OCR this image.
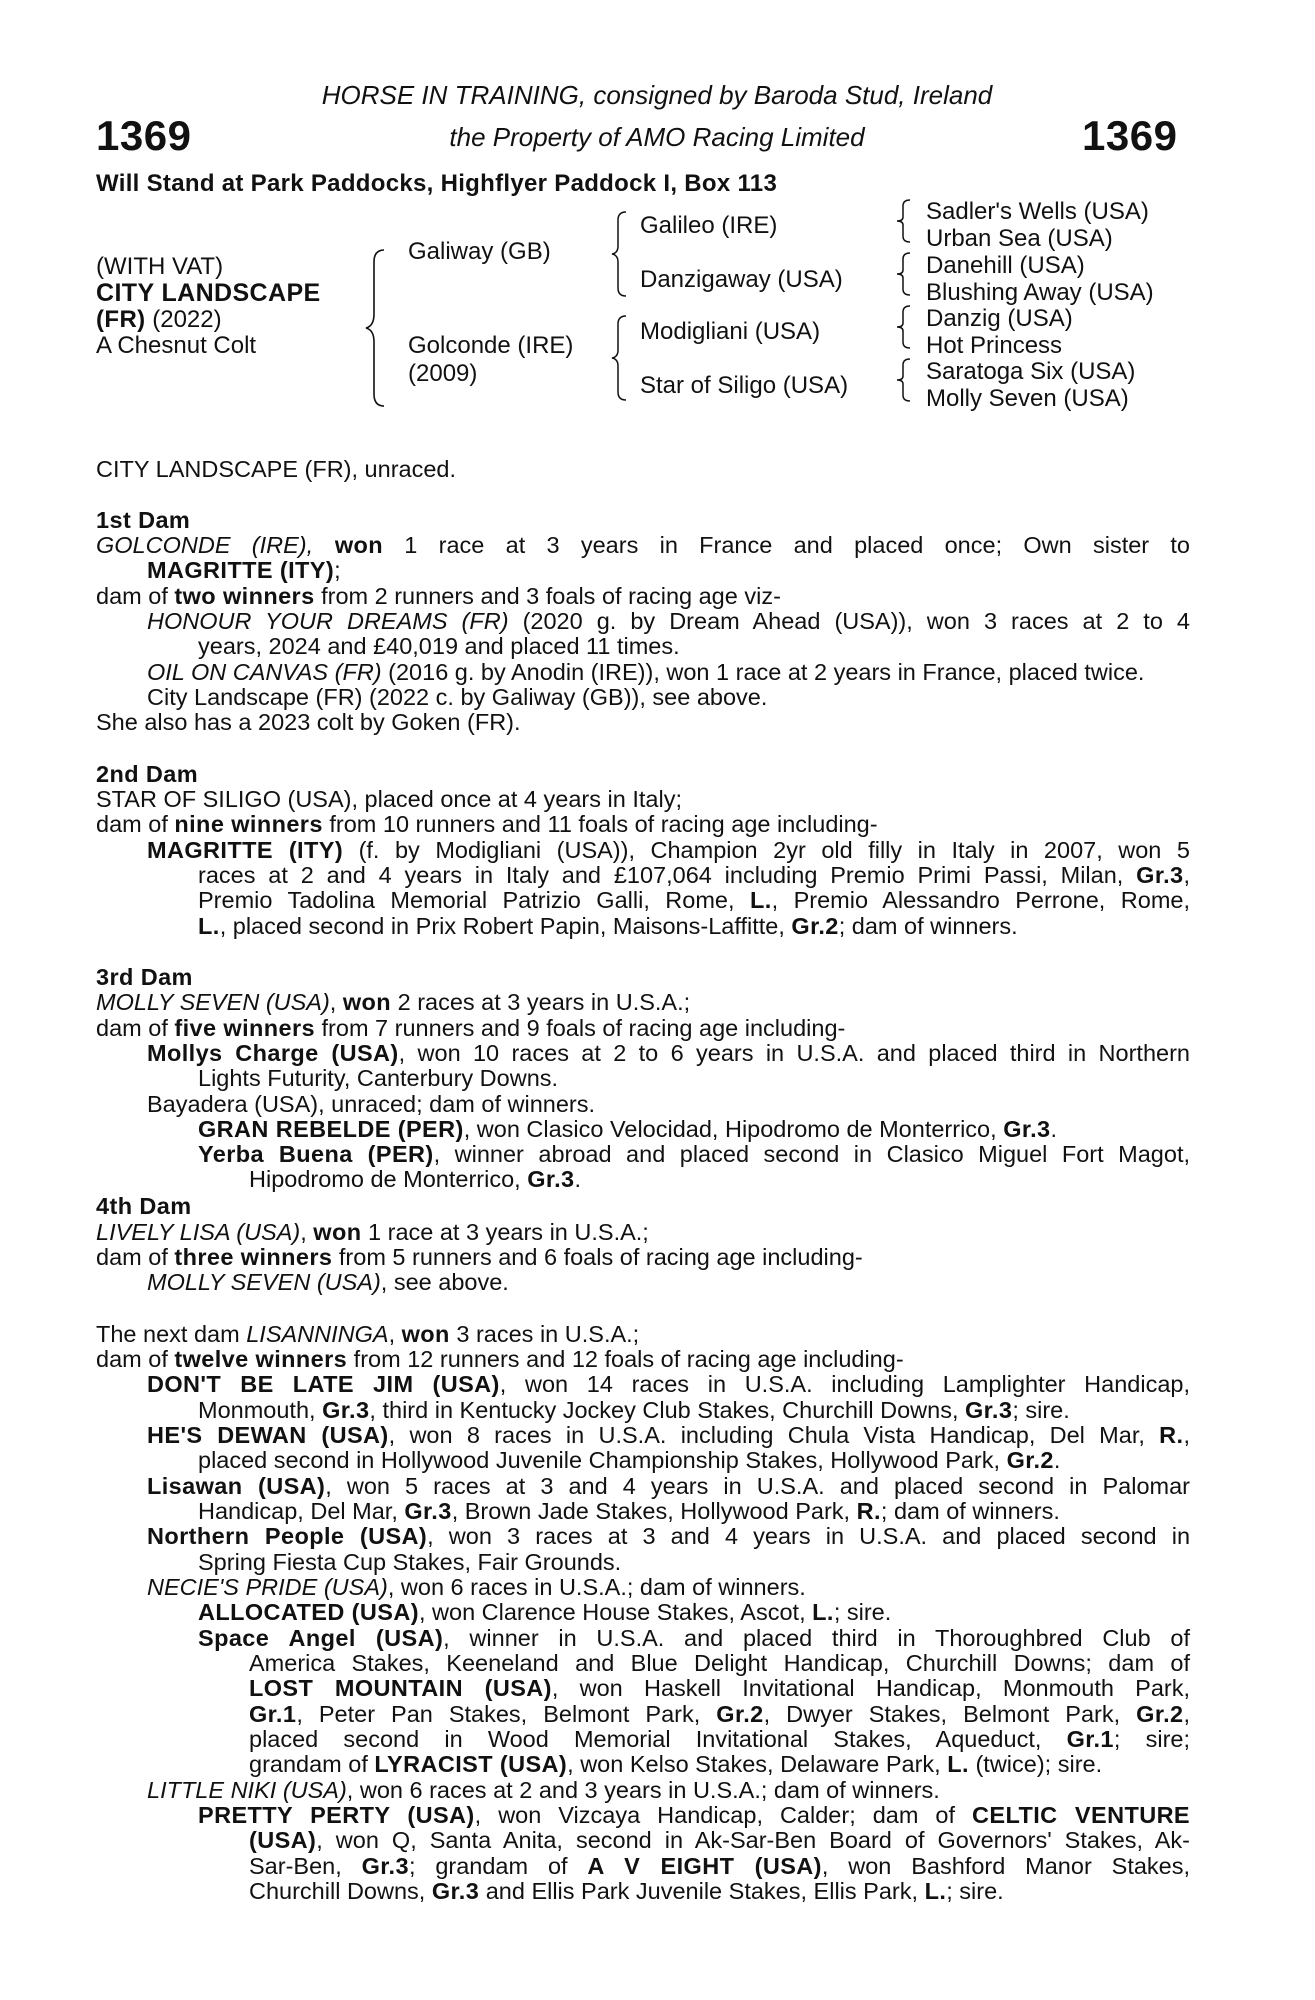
1369	1369
HORSE IN TRAINING, consigned by Baroda Stud, Ireland
the Property of AMO Racing Limited
Will Stand at Park Paddocks, Highflyer Paddock I, Box 113
(WITH VAT)
CITY LANDSCAPE
(FR) (2022)
A Chesnut Colt
Galiway (GB)
Golconde (IRE)
(2009)
Galileo (IRE)
Danzigaway (USA)
Modigliani (USA)
Star of Siligo (USA)
Sadler's Wells (USA)
Urban Sea (USA)
Danehill (USA)
Blushing Away (USA)
Danzig (USA)
Hot Princess
Saratoga Six (USA)
Molly Seven (USA)
CITY LANDSCAPE (FR), unraced.
1st Dam
GOLCONDE (IRE), won 1 race at 3 years in France and placed once; Own sister to
MAGRITTE (ITY);
dam of two winners from 2 runners and 3 foals of racing age viz-
HONOUR YOUR DREAMS (FR) (2020 g. by Dream Ahead (USA)), won 3 races at 2 to 4
years, 2024 and £40,019 and placed 11 times.
OIL ON CANVAS (FR) (2016 g. by Anodin (IRE)), won 1 race at 2 years in France, placed twice.
City Landscape (FR) (2022 c. by Galiway (GB)), see above.
She also has a 2023 colt by Goken (FR).
2nd Dam
STAR OF SILIGO (USA), placed once at 4 years in Italy;
dam of nine winners from 10 runners and 11 foals of racing age including-
MAGRITTE (ITY) (f. by Modigliani (USA)), Champion 2yr old filly in Italy in 2007, won 5
races at 2 and 4 years in Italy and £107,064 including Premio Primi Passi, Milan, Gr.3,
Premio Tadolina Memorial Patrizio Galli, Rome, L., Premio Alessandro Perrone, Rome,
L., placed second in Prix Robert Papin, Maisons-Laffitte, Gr.2; dam of winners.
3rd Dam
MOLLY SEVEN (USA), won 2 races at 3 years in U.S.A.;
dam of five winners from 7 runners and 9 foals of racing age including-
Mollys Charge (USA), won 10 races at 2 to 6 years in U.S.A. and placed third in Northern
Lights Futurity, Canterbury Downs.
Bayadera (USA), unraced; dam of winners.
GRAN REBELDE (PER), won Clasico Velocidad, Hipodromo de Monterrico, Gr.3.
Yerba Buena (PER), winner abroad and placed second in Clasico Miguel Fort Magot,
Hipodromo de Monterrico, Gr.3.
4th Dam
LIVELY LISA (USA), won 1 race at 3 years in U.S.A.;
dam of three winners from 5 runners and 6 foals of racing age including-
MOLLY SEVEN (USA), see above.
The next dam LISANNINGA, won 3 races in U.S.A.;
dam of twelve winners from 12 runners and 12 foals of racing age including-
DON'T BE LATE JIM (USA), won 14 races in U.S.A. including Lamplighter Handicap,
Monmouth, Gr.3, third in Kentucky Jockey Club Stakes, Churchill Downs, Gr.3; sire.
HE'S DEWAN (USA), won 8 races in U.S.A. including Chula Vista Handicap, Del Mar, R.,
placed second in Hollywood Juvenile Championship Stakes, Hollywood Park, Gr.2.
Lisawan (USA), won 5 races at 3 and 4 years in U.S.A. and placed second in Palomar
Handicap, Del Mar, Gr.3, Brown Jade Stakes, Hollywood Park, R.; dam of winners.
Northern People (USA), won 3 races at 3 and 4 years in U.S.A. and placed second in
Spring Fiesta Cup Stakes, Fair Grounds.
NECIE'S PRIDE (USA), won 6 races in U.S.A.; dam of winners.
ALLOCATED (USA), won Clarence House Stakes, Ascot, L.; sire.
Space Angel (USA), winner in U.S.A. and placed third in Thoroughbred Club of
America Stakes, Keeneland and Blue Delight Handicap, Churchill Downs; dam of
LOST MOUNTAIN (USA), won Haskell Invitational Handicap, Monmouth Park,
Gr.1, Peter Pan Stakes, Belmont Park, Gr.2, Dwyer Stakes, Belmont Park, Gr.2,
placed second in Wood Memorial Invitational Stakes, Aqueduct, Gr.1; sire;
grandam of LYRACIST (USA), won Kelso Stakes, Delaware Park, L. (twice); sire.
LITTLE NIKI (USA), won 6 races at 2 and 3 years in U.S.A.; dam of winners.
PRETTY PERTY (USA), won Vizcaya Handicap, Calder; dam of CELTIC VENTURE
(USA), won Q, Santa Anita, second in Ak-Sar-Ben Board of Governors' Stakes, Ak-
Sar-Ben, Gr.3; grandam of A V EIGHT (USA), won Bashford Manor Stakes,
Churchill Downs, Gr.3 and Ellis Park Juvenile Stakes, Ellis Park, L.; sire.
